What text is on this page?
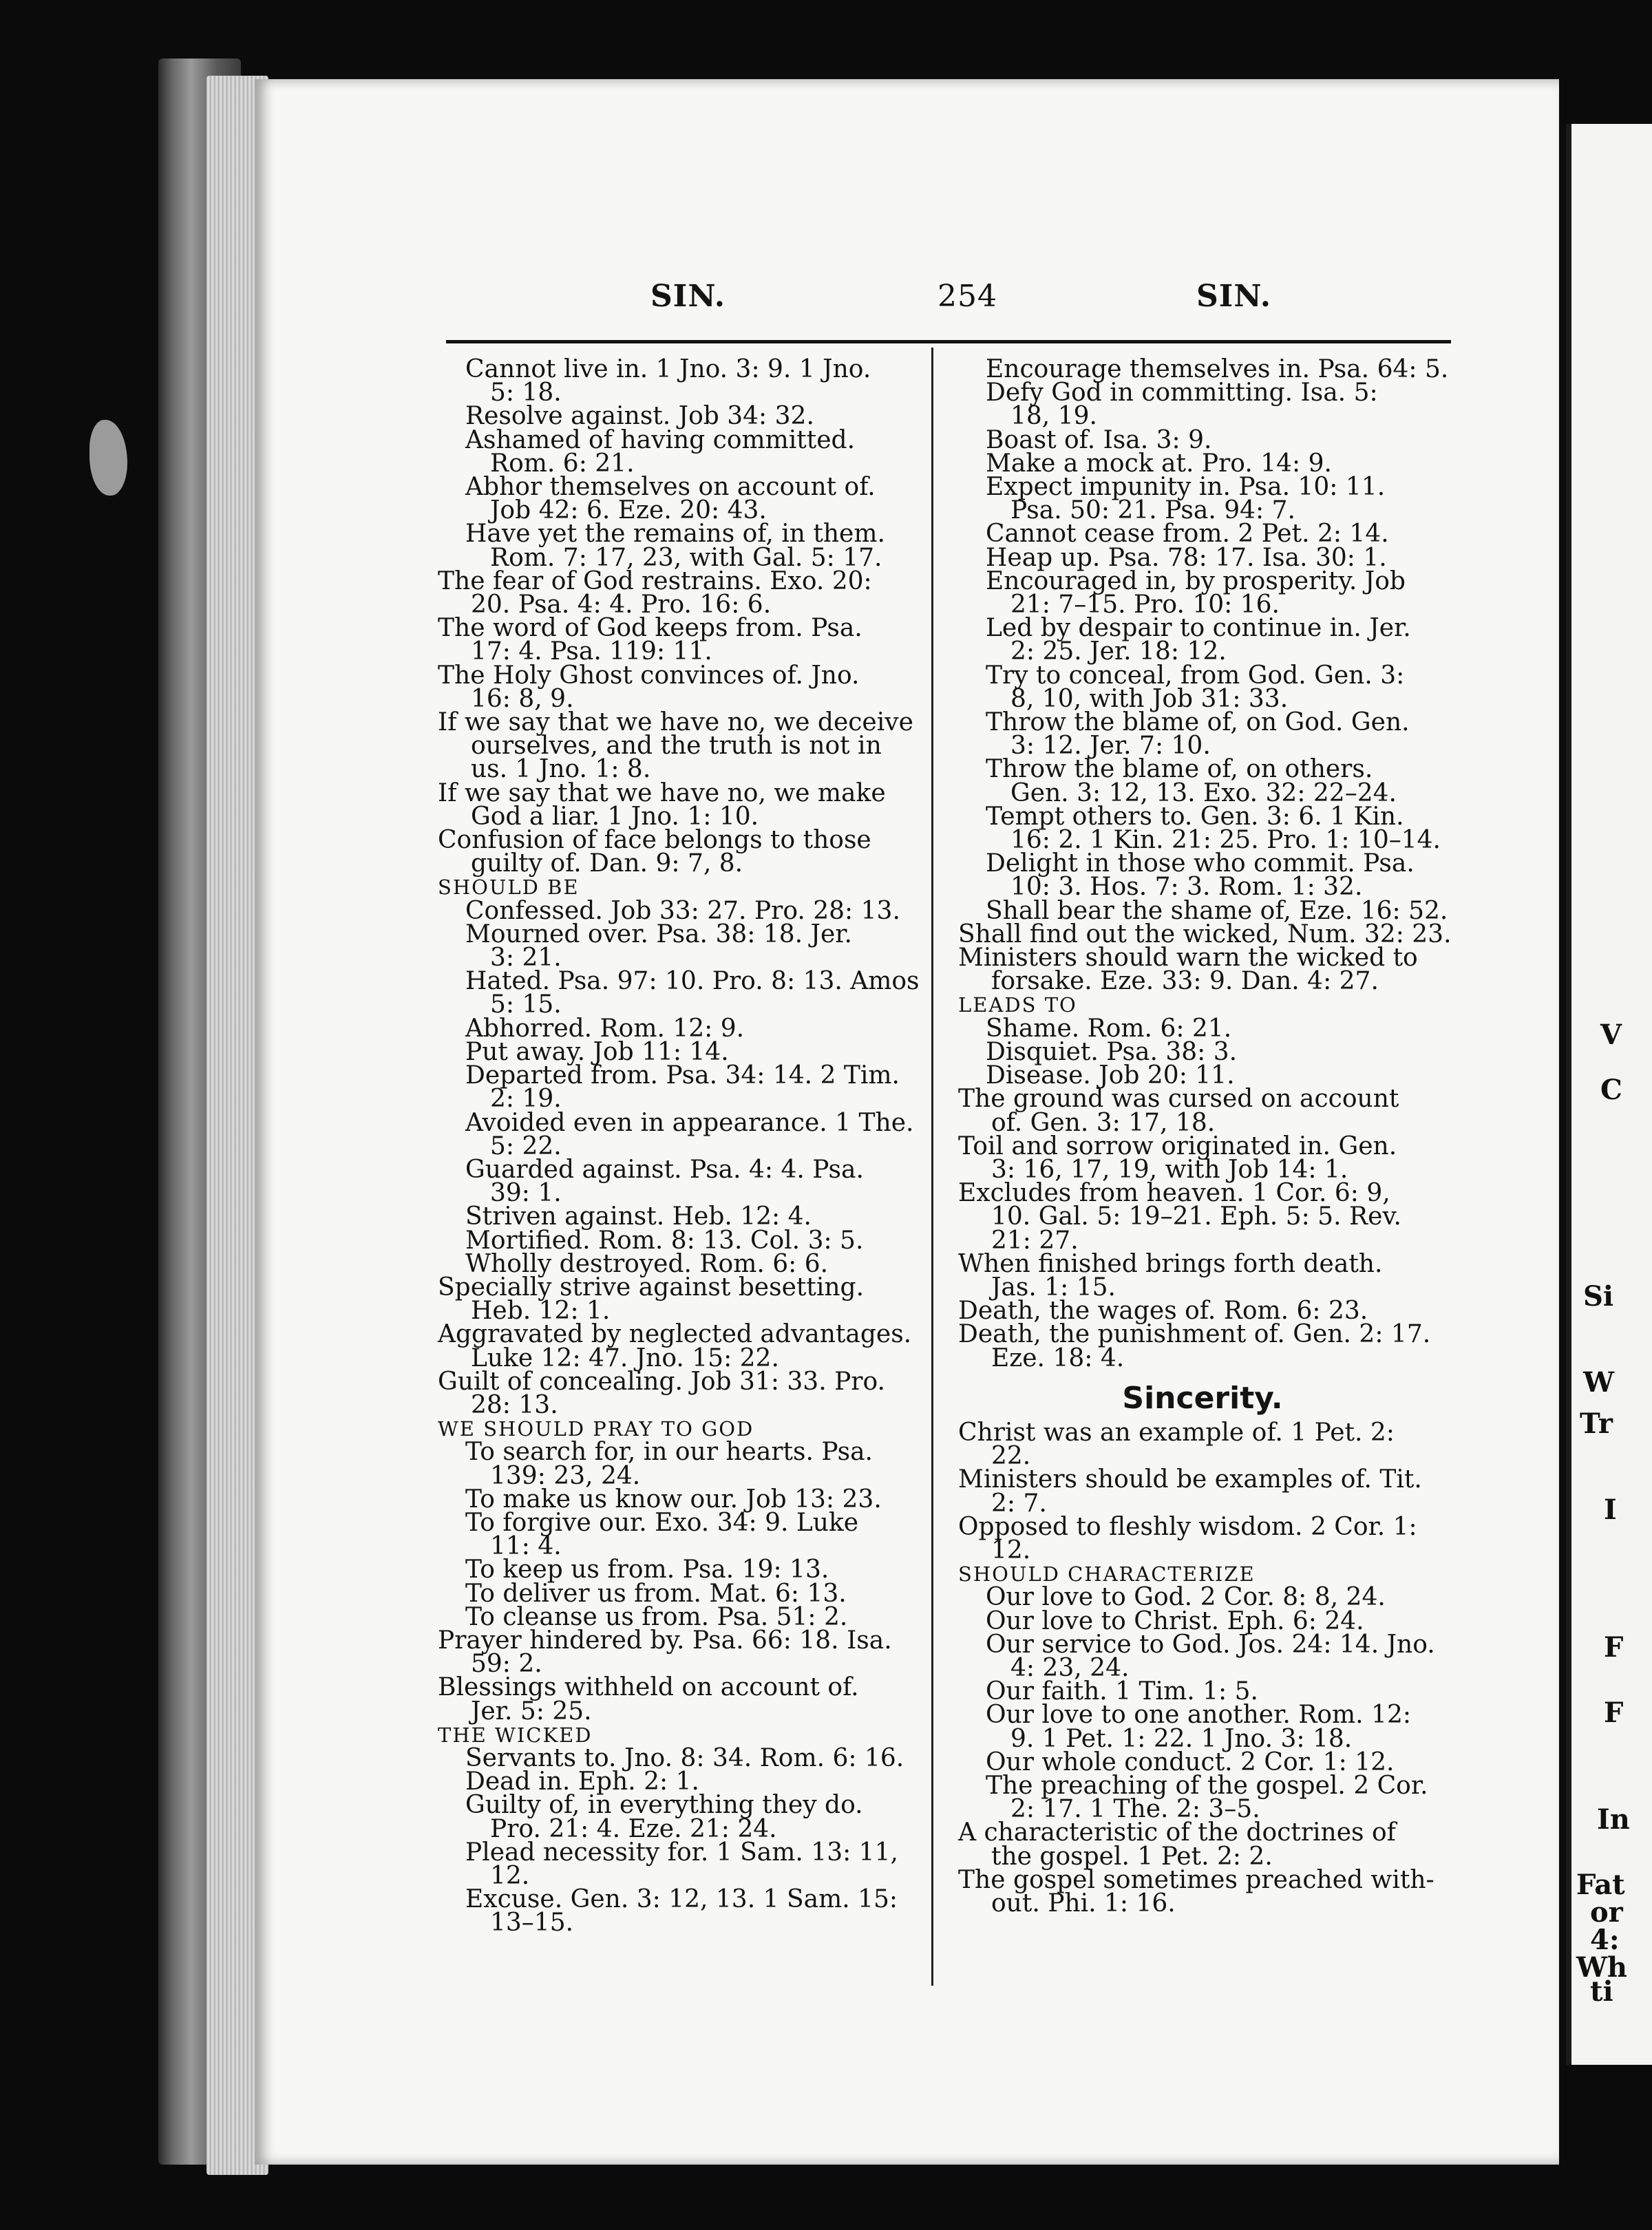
V
C
Si
W
Tr
I
F
F
In
Fat
or
4:
Wh
ti
SIN.	254	SIN.

Cannot live in. 1 Jno. 3: 9. 1 Jno.
5: 18.

Resolve against. Job 34: 32.

Ashamed of having committed.
Rom. 6: 21.

Abhor themselves on account of.
Job 42: 6. Eze. 20: 43.

Have yet the remains of, in them.
Rom. 7: 17, 23, with Gal. 5: 17.

The fear of God restrains. Exo. 20:
20. Psa. 4: 4. Pro. 16: 6.

The word of God keeps from. Psa.
17: 4. Psa. 119: 11.

The Holy Ghost convinces of. Jno.
16: 8, 9.

If we say that we have no, we deceive
ourselves, and the truth is not in
us. 1 Jno. 1: 8.

If we say that we have no, we make
God a liar. 1 Jno. 1: 10.

Confusion of face belongs to those
guilty of. Dan. 9: 7, 8.

SHOULD BE

Confessed. Job 33: 27. Pro. 28: 13.

Mourned over. Psa. 38: 18. Jer.
3: 21.

Hated. Psa. 97: 10. Pro. 8: 13. Amos
5: 15.

Abhorred. Rom. 12: 9.

Put away. Job 11: 14.

Departed from. Psa. 34: 14. 2 Tim.
2: 19.

Avoided even in appearance. 1 The.
5: 22.

Guarded against. Psa. 4: 4. Psa.
39: 1.

Striven against. Heb. 12: 4.

Mortified. Rom. 8: 13. Col. 3: 5.

Wholly destroyed. Rom. 6: 6.

Specially strive against besetting.
Heb. 12: 1.

Aggravated by neglected advantages.
Luke 12: 47. Jno. 15: 22.

Guilt of concealing. Job 31: 33. Pro.
28: 13.

WE SHOULD PRAY TO GOD

To search for, in our hearts. Psa.
139: 23, 24.

To make us know our. Job 13: 23.

To forgive our. Exo. 34: 9. Luke
11: 4.

To keep us from. Psa. 19: 13.

To deliver us from. Mat. 6: 13.

To cleanse us from. Psa. 51: 2.

Prayer hindered by. Psa. 66: 18. Isa.
59: 2.

Blessings withheld on account of.
Jer. 5: 25.

THE WICKED

Servants to. Jno. 8: 34. Rom. 6: 16.

Dead in. Eph. 2: 1.

Guilty of, in everything they do.
Pro. 21: 4. Eze. 21: 24.

Plead necessity for. 1 Sam. 13: 11,
12.

Excuse. Gen. 3: 12, 13. 1 Sam. 15:
13–15.

Encourage themselves in. Psa. 64: 5.

Defy God in committing. Isa. 5:
18, 19.

Boast of. Isa. 3: 9.

Make a mock at. Pro. 14: 9.

Expect impunity in. Psa. 10: 11.
Psa. 50: 21. Psa. 94: 7.

Cannot cease from. 2 Pet. 2: 14.

Heap up. Psa. 78: 17. Isa. 30: 1.

Encouraged in, by prosperity. Job
21: 7–15. Pro. 10: 16.

Led by despair to continue in. Jer.
2: 25. Jer. 18: 12.

Try to conceal, from God. Gen. 3:
8, 10, with Job 31: 33.

Throw the blame of, on God. Gen.
3: 12. Jer. 7: 10.

Throw the blame of, on others.
Gen. 3: 12, 13. Exo. 32: 22–24.

Tempt others to. Gen. 3: 6. 1 Kin.
16: 2. 1 Kin. 21: 25. Pro. 1: 10–14.

Delight in those who commit. Psa.
10: 3. Hos. 7: 3. Rom. 1: 32.

Shall bear the shame of, Eze. 16: 52.

Shall find out the wicked, Num. 32: 23.

Ministers should warn the wicked to
forsake. Eze. 33: 9. Dan. 4: 27.

LEADS TO

Shame. Rom. 6: 21.

Disquiet. Psa. 38: 3.

Disease. Job 20: 11.

The ground was cursed on account
of. Gen. 3: 17, 18.

Toil and sorrow originated in. Gen.
3: 16, 17, 19, with Job 14: 1.

Excludes from heaven. 1 Cor. 6: 9,
10. Gal. 5: 19–21. Eph. 5: 5. Rev.
21: 27.

When finished brings forth death.
Jas. 1: 15.

Death, the wages of. Rom. 6: 23.

Death, the punishment of. Gen. 2: 17.
Eze. 18: 4.

Sincerity.

Christ was an example of. 1 Pet. 2:
22.

Ministers should be examples of. Tit.
2: 7.

Opposed to fleshly wisdom. 2 Cor. 1:
12.

SHOULD CHARACTERIZE

Our love to God. 2 Cor. 8: 8, 24.

Our love to Christ. Eph. 6: 24.

Our service to God. Jos. 24: 14. Jno.
4: 23, 24.

Our faith. 1 Tim. 1: 5.

Our love to one another. Rom. 12:
9. 1 Pet. 1: 22. 1 Jno. 3: 18.

Our whole conduct. 2 Cor. 1: 12.

The preaching of the gospel. 2 Cor.
2: 17. 1 The. 2: 3–5.

A characteristic of the doctrines of
the gospel. 1 Pet. 2: 2.

The gospel sometimes preached with-
out. Phi. 1: 16.
